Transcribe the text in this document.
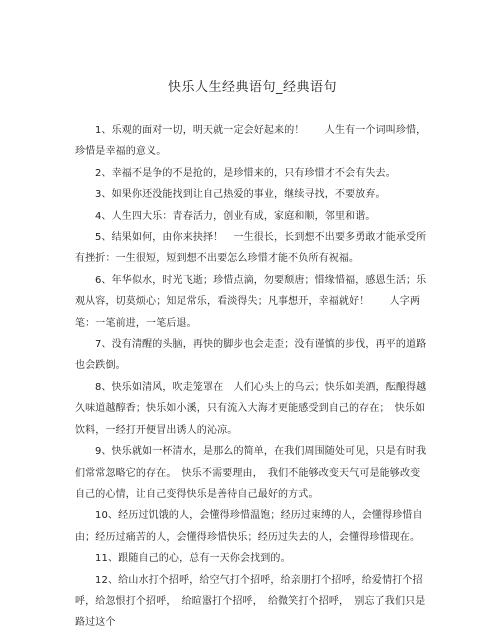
快乐人生经典语句_经典语句

1、乐观的面对一切，明天就一定会好起来的！　　人生有一个词叫珍惜，珍惜是幸福的意义。

2、幸福不是争的不是抢的，是珍惜来的，只有珍惜才不会有失去。

3、如果你还没能找到让自己热爱的事业，继续寻找，不要放弃。

4、人生四大乐：青春活力，创业有成，家庭和顺，邻里和谐。

5、结果如何，由你来抉择！　一生很长，长到想不出要多勇敢才能承受所有挫折：一生很短，短到想不出要怎么珍惜才能不负所有祝福。

6、年华似水，时光飞逝；珍惜点滴，勿要颓唐；惜缘惜福，感恩生活；乐观从容，切莫烦心；知足常乐，看淡得失；凡事想开，幸福就好！　　人字两笔：一笔前进，一笔后退。

7、没有清醒的头脑，再快的脚步也会走歪；没有谨慎的步伐，再平的道路也会跌倒。

8、快乐如清风，吹走笼罩在　人们心头上的乌云；快乐如美酒，酝酿得越久味道越醇香；快乐如小溪，只有流入大海才更能感受到自己的存在；　快乐如饮料，一经打开便冒出诱人的沁凉。

9、快乐就如一杯清水，是那么的简单，在我们周围随处可见，只是有时我们常常忽略它的存在。　快乐不需要理由，　我们不能够改变天气可是能够改变自己的心情，让自己变得快乐是善待自己最好的方式。

10、经历过饥饿的人，会懂得珍惜温饱；经历过束缚的人，会懂得珍惜自由；经历过痛苦的人，会懂得珍惜快乐；经历过失去的人，会懂得珍惜现在。

11、跟随自己的心，总有一天你会找到的。

12、给山水打个招呼，给空气打个招呼，给亲朋打个招呼，给爱情打个招呼，给忽恨打个招呼，　给暄嚣打个招呼，　给微笑打个招呼，　别忘了我们只是路过这个
